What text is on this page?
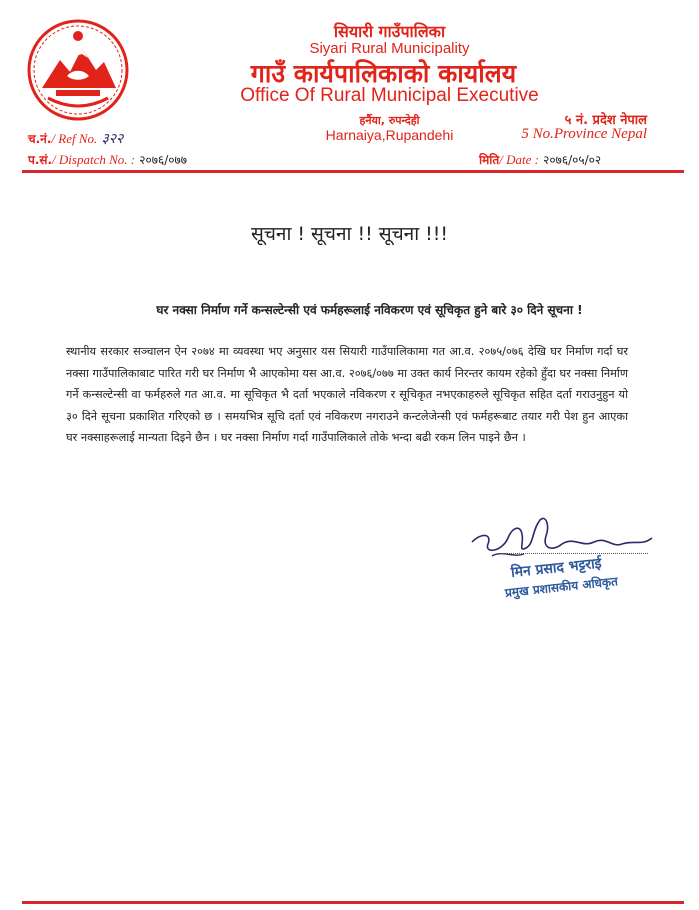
सियारी गाउँपालिका
Siyari Rural Municipality
गाउँ कार्यपालिकाको कार्यालय
Office Of Rural Municipal Executive
हर्नैया, रुपन्देही
Harnaiya,Rupandehi
५ नं. प्रदेश नेपाल
5 No.Province Nepal
च.नं./ Ref No. ३२२
प.सं./ Dispatch No. : २०७६/०७७	मिति/ Date : २०७६/०५/०२
सूचना ! सूचना !! सूचना !!!
घर नक्सा निर्माण गर्ने कन्सल्टेन्सी एवं फर्महरूलाई नविकरण एवं सूचिकृत हुने बारे ३० दिने सूचना !
स्थानीय सरकार सञ्चालन ऐन २०७४ मा व्यवस्था भए अनुसार यस सियारी गाउँपालिकामा गत आ.व. २०७५/०७६ देखि घर निर्माण गर्दा घर नक्सा गाउँपालिकाबाट पारित गरी घर निर्माण भै आएकोमा यस आ.व. २०७६/०७७ मा उक्त कार्य निरन्तर कायम रहेको हुँदा घर नक्सा निर्माण गर्ने कन्सल्टेन्सी वा फर्महरुले गत आ.व. मा सूचिकृत भै दर्ता भएकाले नविकरण र सूचिकृत नभएकाहरुले सूचिकृत सहित दर्ता गराउनुहुन यो ३० दिने सूचना प्रकाशित गरिएको छ । समयभित्र सूचि दर्ता एवं नविकरण नगराउने कन्टलेजेन्सी एवं फर्महरूबाट तयार गरी पेश हुन आएका घर नक्साहरूलाई मान्यता दिइने छैन । घर नक्सा निर्माण गर्दा गाउँपालिकाले तोके भन्दा बढी रकम लिन पाइने छैन ।
मिन प्रसाद भट्टराई
प्रमुख प्रशासकीय अधिकृत
